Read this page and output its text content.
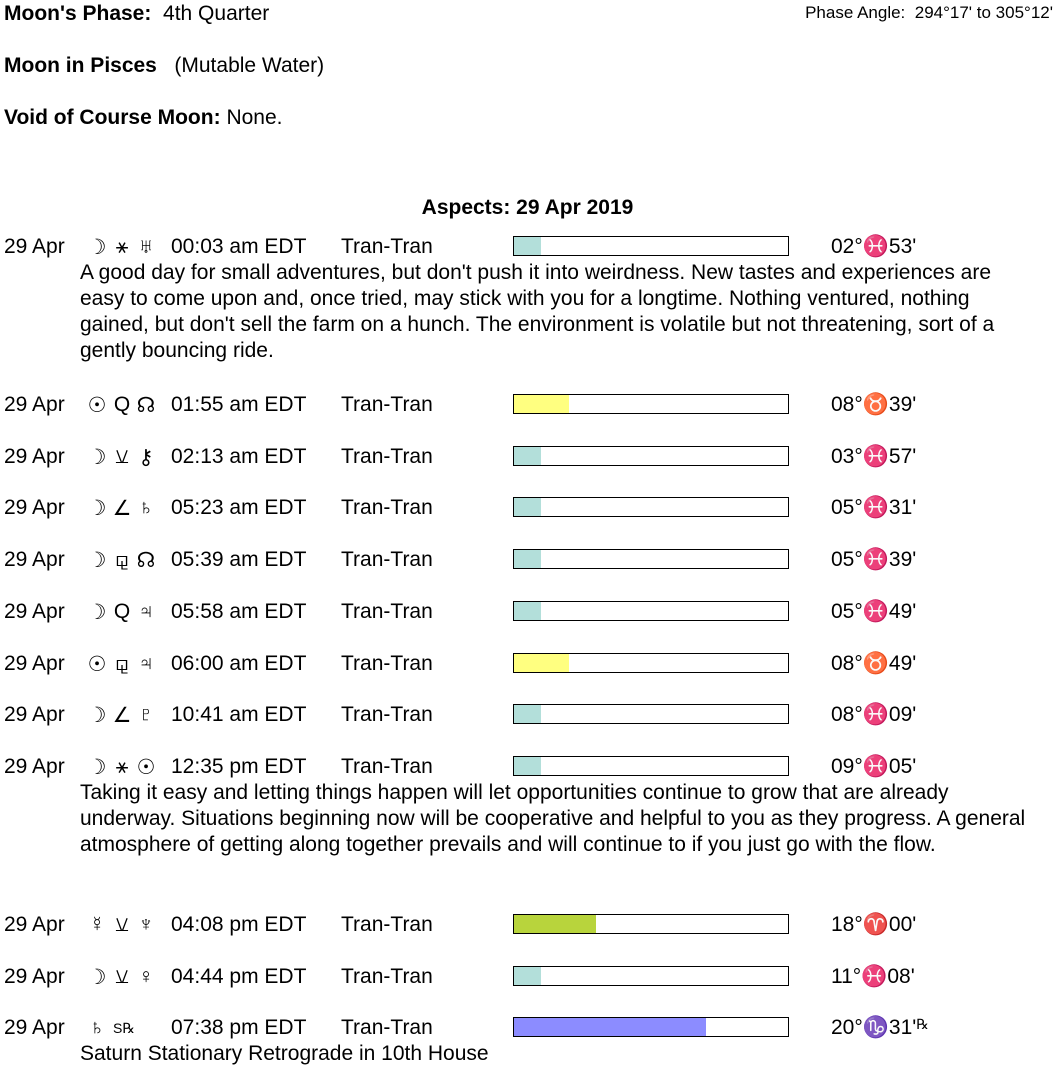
Moon's Phase: 4th Quarter	Phase Angle: 294°17' to 305°12'
Moon in Pisces (Mutable Water)
Void of Course Moon: None.
Aspects: 29 Apr 2019
29 Apr ☽ ⚹ ♅ 00:03 am EDT Tran-Tran	02°♓53'
A good day for small adventures, but don't push it into weirdness. New tastes and experiences are easy to come upon and, once tried, may stick with you for a longtime. Nothing ventured, nothing gained, but don't sell the farm on a hunch. The environment is volatile but not threatening, sort of a gently bouncing ride.
29 Apr ☉ Q ☊ 01:55 am EDT Tran-Tran	08°♉39'
29 Apr ☽ ⚺ ⚷ 02:13 am EDT Tran-Tran	03°♓57'
29 Apr ☽ ∠ ♄ 05:23 am EDT Tran-Tran	05°♓31'
29 Apr ☽ ⚼ ☊ 05:39 am EDT Tran-Tran	05°♓39'
29 Apr ☽ Q ♃ 05:58 am EDT Tran-Tran	05°♓49'
29 Apr ☉ ⚼ ♃ 06:00 am EDT Tran-Tran	08°♉49'
29 Apr ☽ ∠ ♇ 10:41 am EDT Tran-Tran	08°♓09'
29 Apr ☽ ⚹ ☉ 12:35 pm EDT Tran-Tran	09°♓05'
Taking it easy and letting things happen will let opportunities continue to grow that are already underway. Situations beginning now will be cooperative and helpful to you as they progress. A general atmosphere of getting along together prevails and will continue to if you just go with the flow.
29 Apr ☿ ⚺ ♆ 04:08 pm EDT Tran-Tran	18°♈00'
29 Apr ☽ ⚺ ♀ 04:44 pm EDT Tran-Tran	11°♓08'
29 Apr ♄ S ℞ 07:38 pm EDT Tran-Tran	20°♑31' ℞
Saturn Stationary Retrograde in 10th House
